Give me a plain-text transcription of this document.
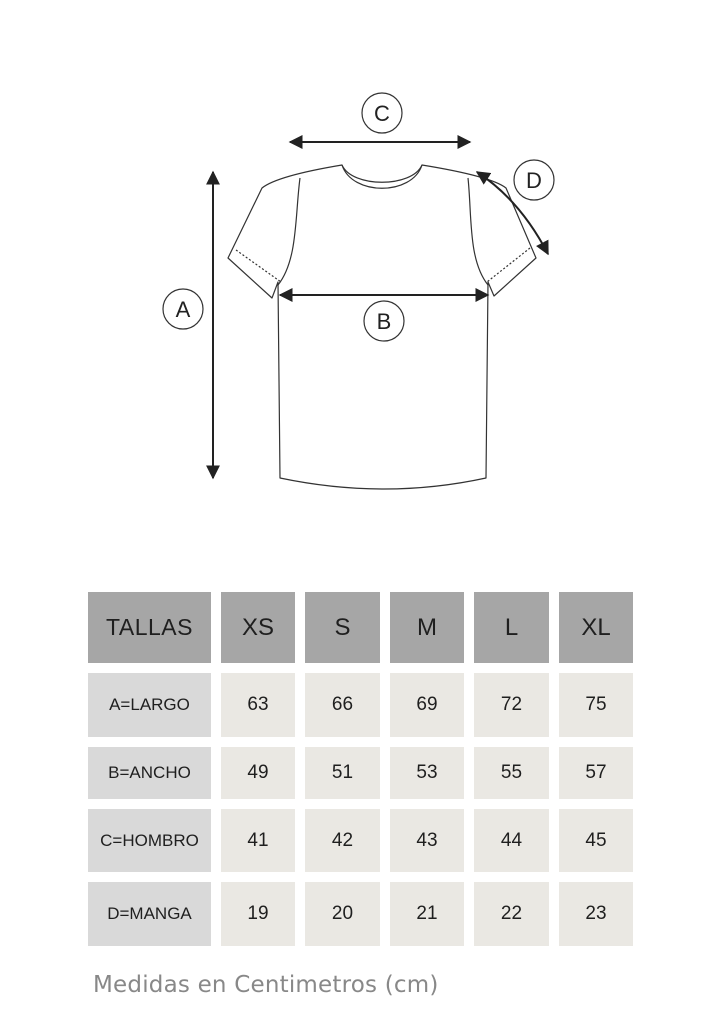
A	B
C
D
TALLAS	XS	S	M	L	XL
A=LARGO	63	66	69	72	75
B=ANCHO	49	51	53	55	57
C=HOMBRO	41	42	43	44	45
D=MANGA	19	20	21	22	23
Medidas en Centimetros (cm)
